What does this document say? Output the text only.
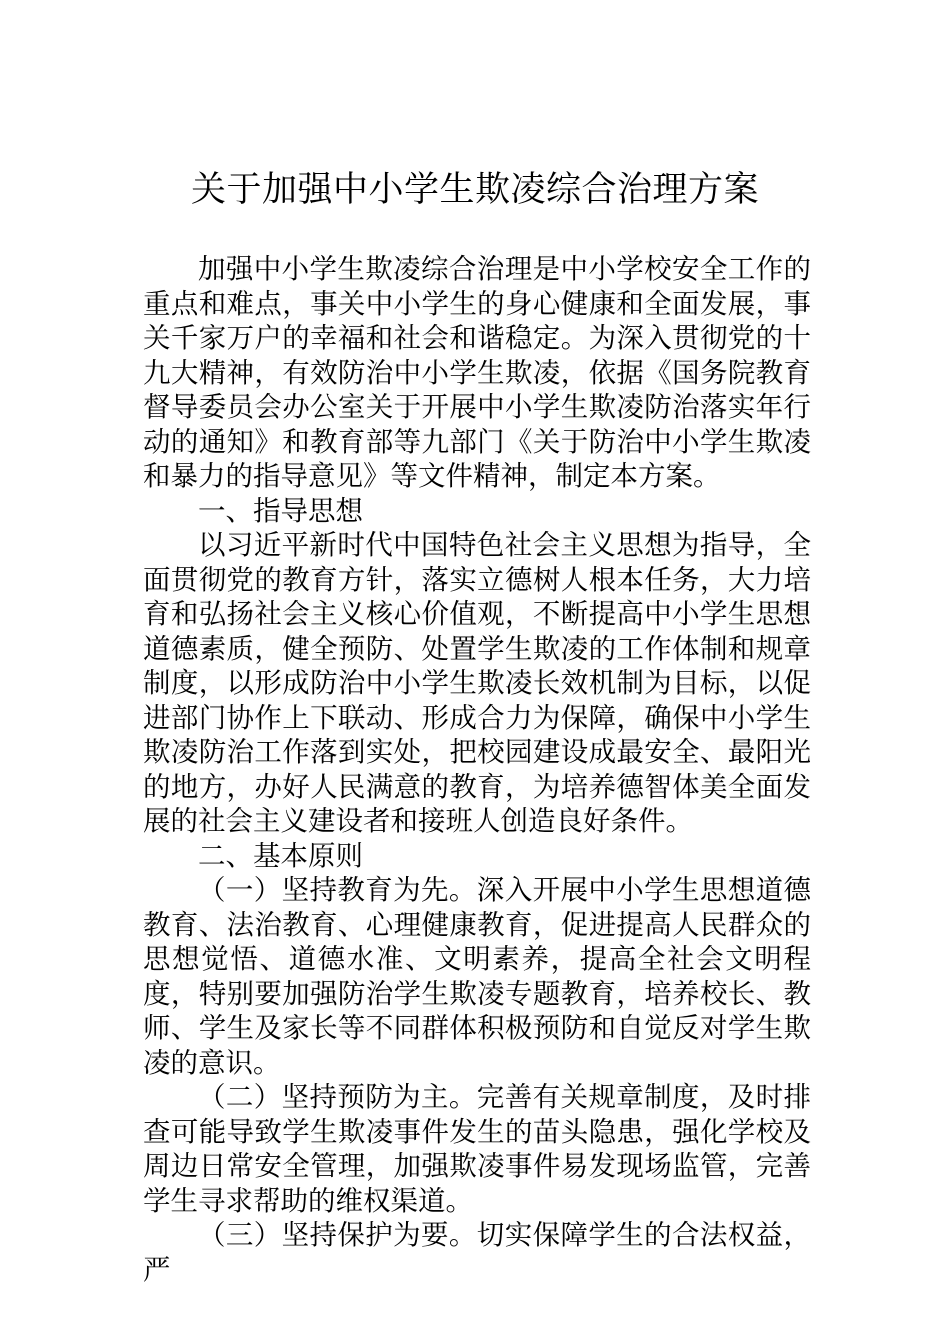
关于加强中小学生欺凌综合治理方案

加强中小学生欺凌综合治理是中小学校安全工作的重点和难点，事关中小学生的身心健康和全面发展，事关千家万户的幸福和社会和谐稳定。为深入贯彻党的十九大精神，有效防治中小学生欺凌，依据《国务院教育督导委员会办公室关于开展中小学生欺凌防治落实年行动的通知》和教育部等九部门《关于防治中小学生欺凌和暴力的指导意见》等文件精神，制定本方案。

一、指导思想

以习近平新时代中国特色社会主义思想为指导，全面贯彻党的教育方针，落实立德树人根本任务，大力培育和弘扬社会主义核心价值观，不断提高中小学生思想道德素质，健全预防、处置学生欺凌的工作体制和规章制度，以形成防治中小学生欺凌长效机制为目标，以促进部门协作上下联动、形成合力为保障，确保中小学生欺凌防治工作落到实处，把校园建设成最安全、最阳光的地方，办好人民满意的教育，为培养德智体美全面发展的社会主义建设者和接班人创造良好条件。

二、基本原则

（一）坚持教育为先。深入开展中小学生思想道德教育、法治教育、心理健康教育，促进提高人民群众的思想觉悟、道德水准、文明素养，提高全社会文明程度，特别要加强防治学生欺凌专题教育，培养校长、教师、学生及家长等不同群体积极预防和自觉反对学生欺凌的意识。

（二）坚持预防为主。完善有关规章制度，及时排查可能导致学生欺凌事件发生的苗头隐患，强化学校及周边日常安全管理，加强欺凌事件易发现场监管，完善学生寻求帮助的维权渠道。

（三）坚持保护为要。切实保障学生的合法权益，严
